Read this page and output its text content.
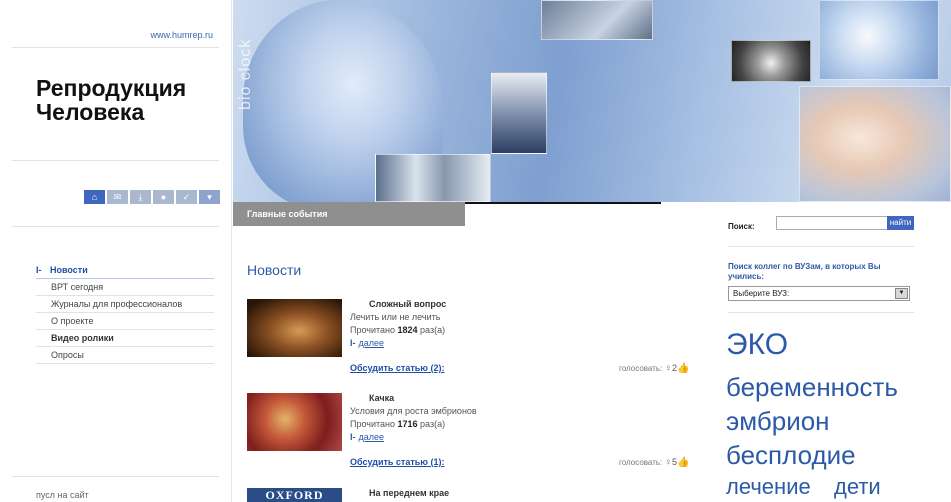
www.humrep.ru
Репродукция
Человека
⌂	✉	⤓	●	✓	▾
I- Новости
ВРТ сегодня
Журналы для профессионалов
О проекте
Видео ролики
Опросы
пусл на сайт
bio clock
Главные события
Новости
Сложный вопрос
Лечить или не лечить
Прочитано 1824 раз(а)
I- далее
Обсудить статью (2):	голосовать: ♀2👍
Качка
Условия для роста эмбрионов
Прочитано 1716 раз(а)
I- далее
Обсудить статью (1):	голосовать: ♀5👍
OXFORD	На переднем крае
Поиск:	найти
Поиск коллег по ВУЗам, в которых Вы учились:
Выберите ВУЗ:	▼
ЭКО
беременность
эмбрион
бесплодие
лечение дети
